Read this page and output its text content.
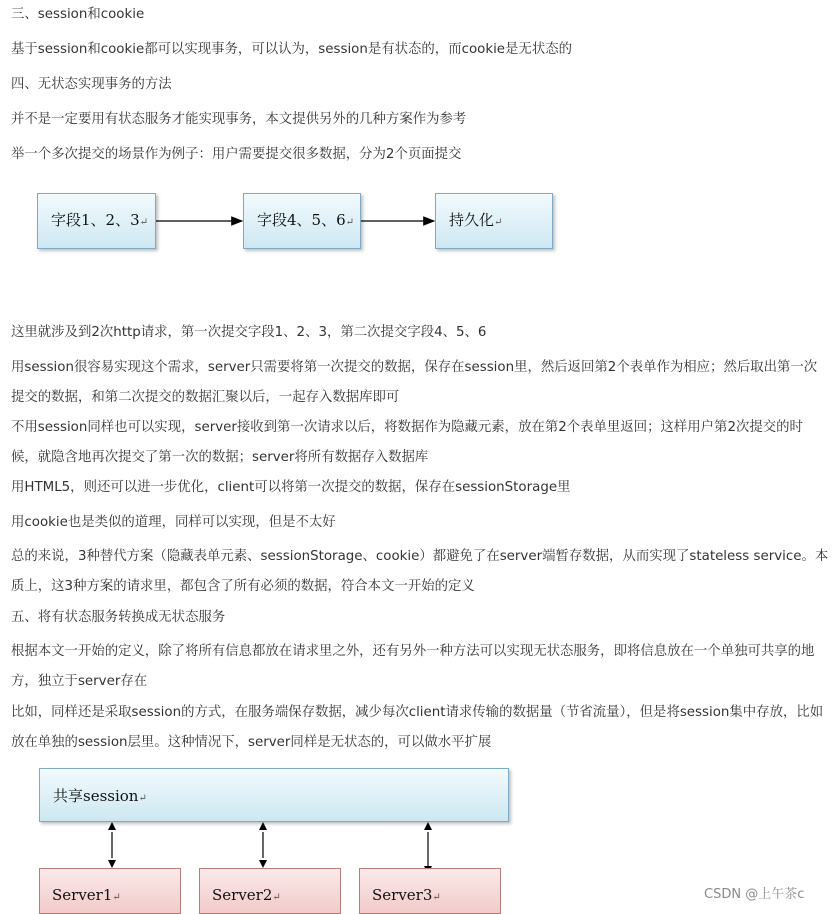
三、session和cookie

基于session和cookie都可以实现事务，可以认为，session是有状态的，而cookie是无状态的

四、无状态实现事务的方法

并不是一定要用有状态服务才能实现事务，本文提供另外的几种方案作为参考

举一个多次提交的场景作为例子：用户需要提交很多数据，分为2个页面提交

字段1、2、3↵	字段4、5、6↵	持久化↵

这里就涉及到2次http请求，第一次提交字段1、2、3，第二次提交字段4、5、6

用session很容易实现这个需求，server只需要将第一次提交的数据，保存在session里，然后返回第2个表单作为相应；然后取出第一次提交的数据，和第二次提交的数据汇聚以后，一起存入数据库即可

不用session同样也可以实现，server接收到第一次请求以后，将数据作为隐藏元素，放在第2个表单里返回；这样用户第2次提交的时候，就隐含地再次提交了第一次的数据；server将所有数据存入数据库

用HTML5，则还可以进一步优化，client可以将第一次提交的数据，保存在sessionStorage里

用cookie也是类似的道理，同样可以实现，但是不太好

总的来说，3种替代方案（隐藏表单元素、sessionStorage、cookie）都避免了在server端暂存数据，从而实现了stateless service。本质上，这3种方案的请求里，都包含了所有必须的数据，符合本文一开始的定义

五、将有状态服务转换成无状态服务

根据本文一开始的定义，除了将所有信息都放在请求里之外，还有另外一种方法可以实现无状态服务，即将信息放在一个单独可共享的地方，独立于server存在

比如，同样还是采取session的方式，在服务端保存数据，减少每次client请求传输的数据量（节省流量），但是将session集中存放，比如放在单独的session层里。这种情况下，server同样是无状态的，可以做水平扩展

共享session↵
Server1↵	Server2↵	Server3↵	CSDN @上午茶c
